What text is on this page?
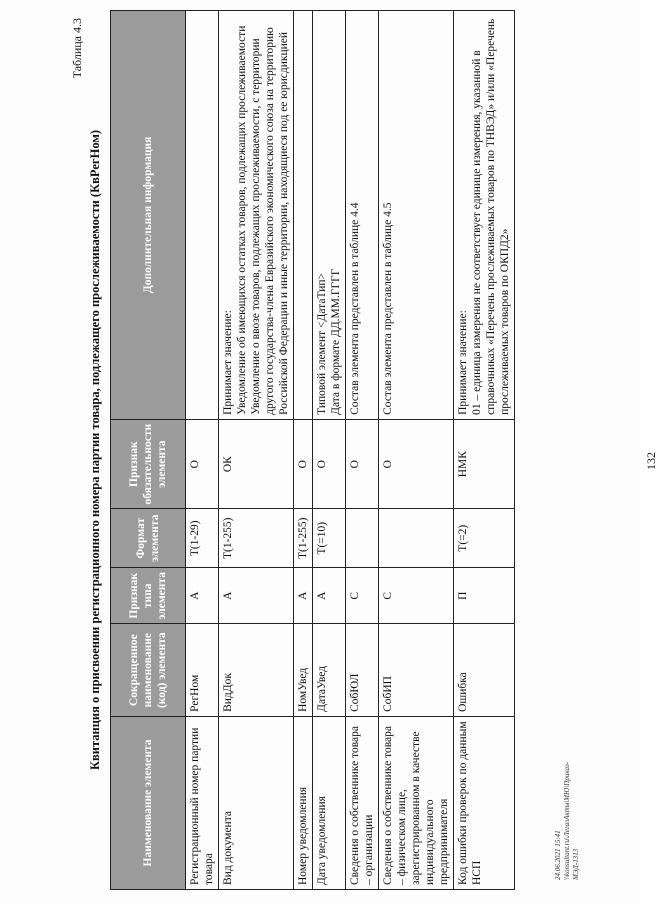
132
Таблица 4.3
Квитанция о присвоении регистрационного номера партии товара, подлежащего прослеживаемости (КвРегНом)
Наименование элемента	Сокращенное наименование (код) элемента	Признак типа элемента	Формат элемента	Признак обязательности элемента	Дополнительная информация
Регистрационный номер партии товара	РегНом	А	T(1-29)	О	

Вид документа	ВидДок	А	T(1-255)	ОК	Принимает значение: Уведомление об имеющихся остатках товаров, подлежащих прослеживаемости Уведомление о ввозе товаров, подлежащих прослеживаемости, с территории другого государства-члена Евразийского экономического союза на территорию Российской Федерации и иные территории, находящиеся под ее юрисдикцией

Номер уведомления	НомУвед	А	T(1-255)	О	

Дата уведомления	ДатаУвед	А	T(=10)	О	Типовой элемент <ДатаТип> Дата в формате ДД.ММ.ГГГГ

Сведения о собственнике товара – организации	СобЮЛ	С		О	Состав элемента представлен в таблице 4.4

Сведения о собственнике товара – физическом лице, зарегистрированном в качестве индивидуального предпринимателя	СобИП	С		О	Состав элемента представлен в таблице 4.5

Код ошибки проверок по данным НСП	Ошибка	П	T(=2)	НМК	Принимает значение: 01 – единица измерения не соответствует единице измерения, указанной в справочниках «Перечень прослеживаемых товаров по ТНВЭД» и/или «Перечень прослеживаемых товаров по ОКПД2»
24.06.2021 15:41 \\konsultant.ru\ЛегалАкты\МЮ\Приказ-МЭД-1313
